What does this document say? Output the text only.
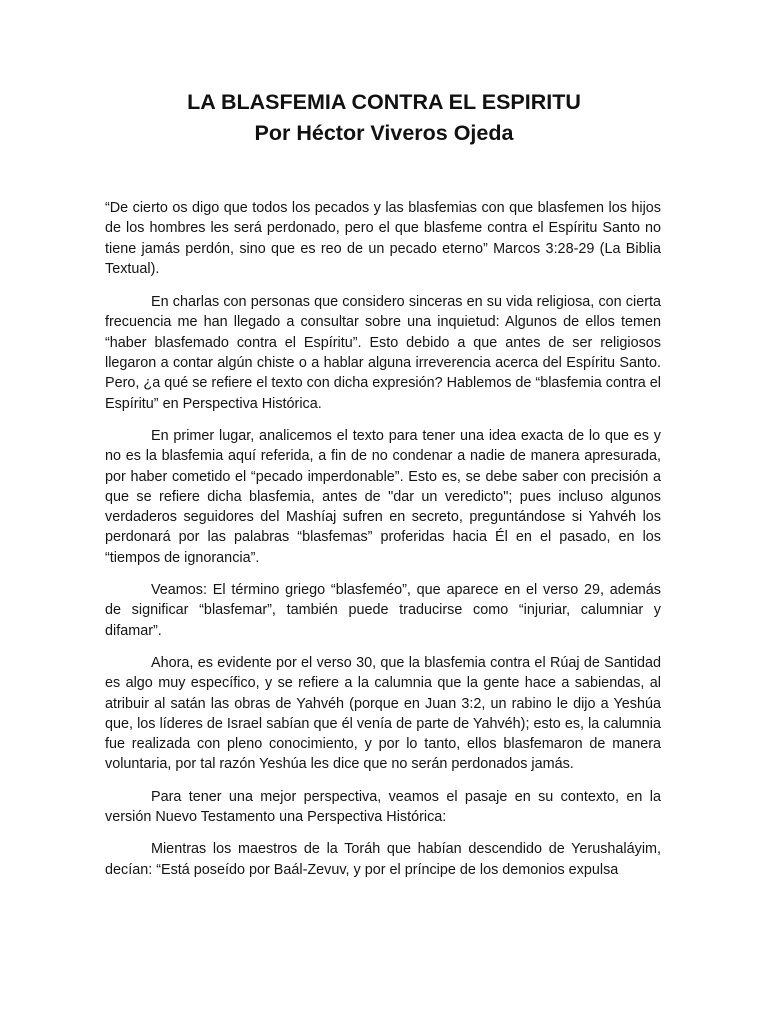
LA BLASFEMIA CONTRA EL ESPIRITU
Por Héctor Viveros Ojeda

“De cierto os digo que todos los pecados y las blasfemias con que blasfemen los hijos de los hombres les será perdonado, pero el que blasfeme contra el Espíritu Santo no tiene jamás perdón, sino que es reo de un pecado eterno” Marcos 3:28-29 (La Biblia Textual).

En charlas con personas que considero sinceras en su vida religiosa, con cierta frecuencia me han llegado a consultar sobre una inquietud: Algunos de ellos temen “haber blasfemado contra el Espíritu”. Esto debido a que antes de ser religiosos llegaron a contar algún chiste o a hablar alguna irreverencia acerca del Espíritu Santo. Pero, ¿a qué se refiere el texto con dicha expresión? Hablemos de “blasfemia contra el Espíritu” en Perspectiva Histórica.

En primer lugar, analicemos el texto para tener una idea exacta de lo que es y no es la blasfemia aquí referida, a fin de no condenar a nadie de manera apresurada, por haber cometido el “pecado imperdonable”. Esto es, se debe saber con precisión a que se refiere dicha blasfemia, antes de "dar un veredicto"; pues incluso algunos verdaderos seguidores del Mashíaj sufren en secreto, preguntándose si Yahvéh los perdonará por las palabras “blasfemas” proferidas hacia Él en el pasado, en los “tiempos de ignorancia”.

Veamos: El término griego “blasfeméo”, que aparece en el verso 29, además de significar “blasfemar”, también puede traducirse como “injuriar, calumniar y difamar”.

Ahora, es evidente por el verso 30, que la blasfemia contra el Rúaj de Santidad es algo muy específico, y se refiere a la calumnia que la gente hace a sabiendas, al atribuir al satán las obras de Yahvéh (porque en Juan 3:2, un rabino le dijo a Yeshúa que, los líderes de Israel sabían que él venía de parte de Yahvéh); esto es, la calumnia fue realizada con pleno conocimiento, y por lo tanto, ellos blasfemaron de manera voluntaria, por tal razón Yeshúa les dice que no serán perdonados jamás.

Para tener una mejor perspectiva, veamos el pasaje en su contexto, en la versión Nuevo Testamento una Perspectiva Histórica:

Mientras los maestros de la Toráh que habían descendido de Yerushaláyim, decían: “Está poseído por Baál-Zevuv, y por el príncipe de los demonios expulsa
